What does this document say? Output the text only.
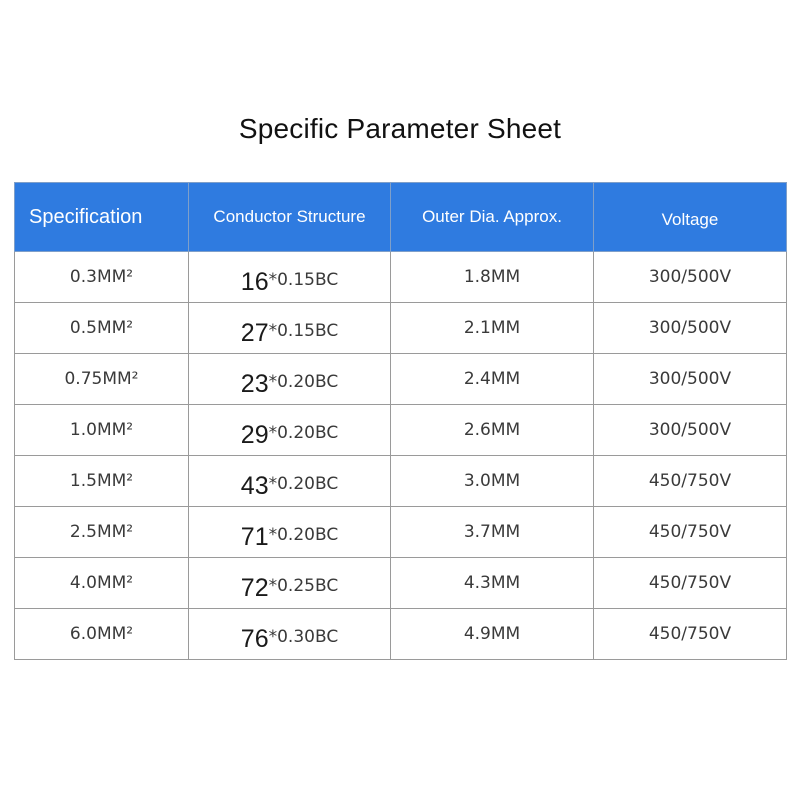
Specific Parameter Sheet
Specification	Conductor Structure	Outer Dia. Approx.	Voltage
0.3MM²	16*0.15BC	1.8MM	300/500V
0.5MM²	27*0.15BC	2.1MM	300/500V
0.75MM²	23*0.20BC	2.4MM	300/500V
1.0MM²	29*0.20BC	2.6MM	300/500V
1.5MM²	43*0.20BC	3.0MM	450/750V
2.5MM²	71*0.20BC	3.7MM	450/750V
4.0MM²	72*0.25BC	4.3MM	450/750V
6.0MM²	76*0.30BC	4.9MM	450/750V
